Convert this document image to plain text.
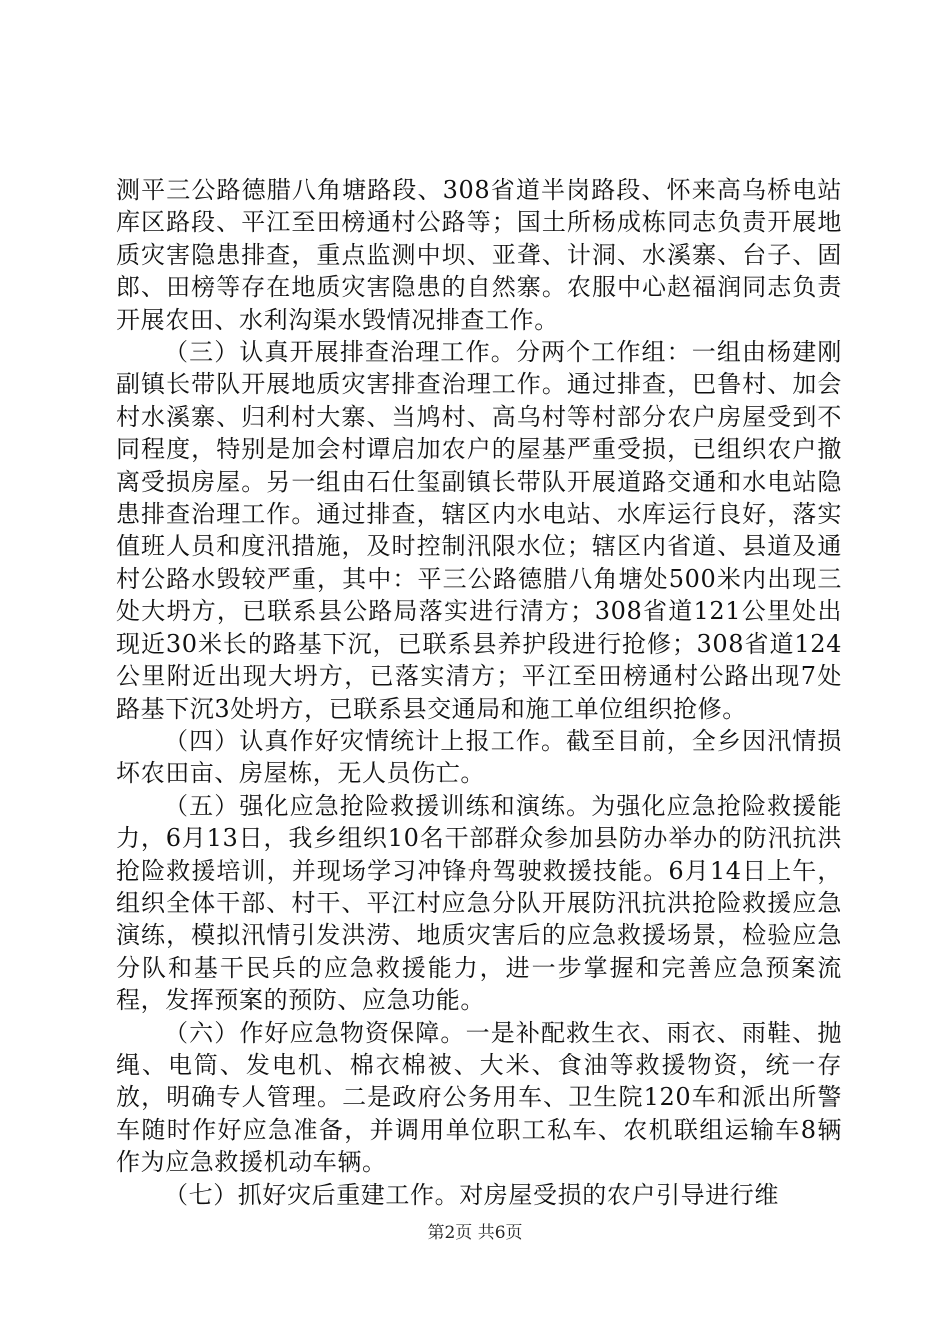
测平三公路德腊八角塘路段、308省道半岗路段、怀来高乌桥电站库区路段、平江至田榜通村公路等；国土所杨成栋同志负责开展地质灾害隐患排查，重点监测中坝、亚聋、计洞、水溪寨、台子、固郎、田榜等存在地质灾害隐患的自然寨。农服中心赵福润同志负责开展农田、水利沟渠水毁情况排查工作。

（三）认真开展排查治理工作。分两个工作组：一组由杨建刚副镇长带队开展地质灾害排查治理工作。通过排查，巴鲁村、加会村水溪寨、归利村大寨、当鸠村、高乌村等村部分农户房屋受到不同程度，特别是加会村谭启加农户的屋基严重受损，已组织农户撤离受损房屋。另一组由石仕玺副镇长带队开展道路交通和水电站隐患排查治理工作。通过排查，辖区内水电站、水库运行良好，落实值班人员和度汛措施，及时控制汛限水位；辖区内省道、县道及通村公路水毁较严重，其中：平三公路德腊八角塘处500米内出现三处大坍方，已联系县公路局落实进行清方；308省道121公里处出现近30米长的路基下沉，已联系县养护段进行抢修；308省道124公里附近出现大坍方，已落实清方；平江至田榜通村公路出现7处路基下沉3处坍方，已联系县交通局和施工单位组织抢修。

（四）认真作好灾情统计上报工作。截至目前，全乡因汛情损坏农田亩、房屋栋，无人员伤亡。

（五）强化应急抢险救援训练和演练。为强化应急抢险救援能力，6月13日，我乡组织10名干部群众参加县防办举办的防汛抗洪抢险救援培训，并现场学习冲锋舟驾驶救援技能。6月14日上午，组织全体干部、村干、平江村应急分队开展防汛抗洪抢险救援应急演练，模拟汛情引发洪涝、地质灾害后的应急救援场景，检验应急分队和基干民兵的应急救援能力，进一步掌握和完善应急预案流程，发挥预案的预防、应急功能。

（六）作好应急物资保障。一是补配救生衣、雨衣、雨鞋、抛绳、电筒、发电机、棉衣棉被、大米、食油等救援物资，统一存放，明确专人管理。二是政府公务用车、卫生院120车和派出所警车随时作好应急准备，并调用单位职工私车、农机联组运输车8辆作为应急救援机动车辆。

（七）抓好灾后重建工作。对房屋受损的农户引导进行维

第2页 共6页
